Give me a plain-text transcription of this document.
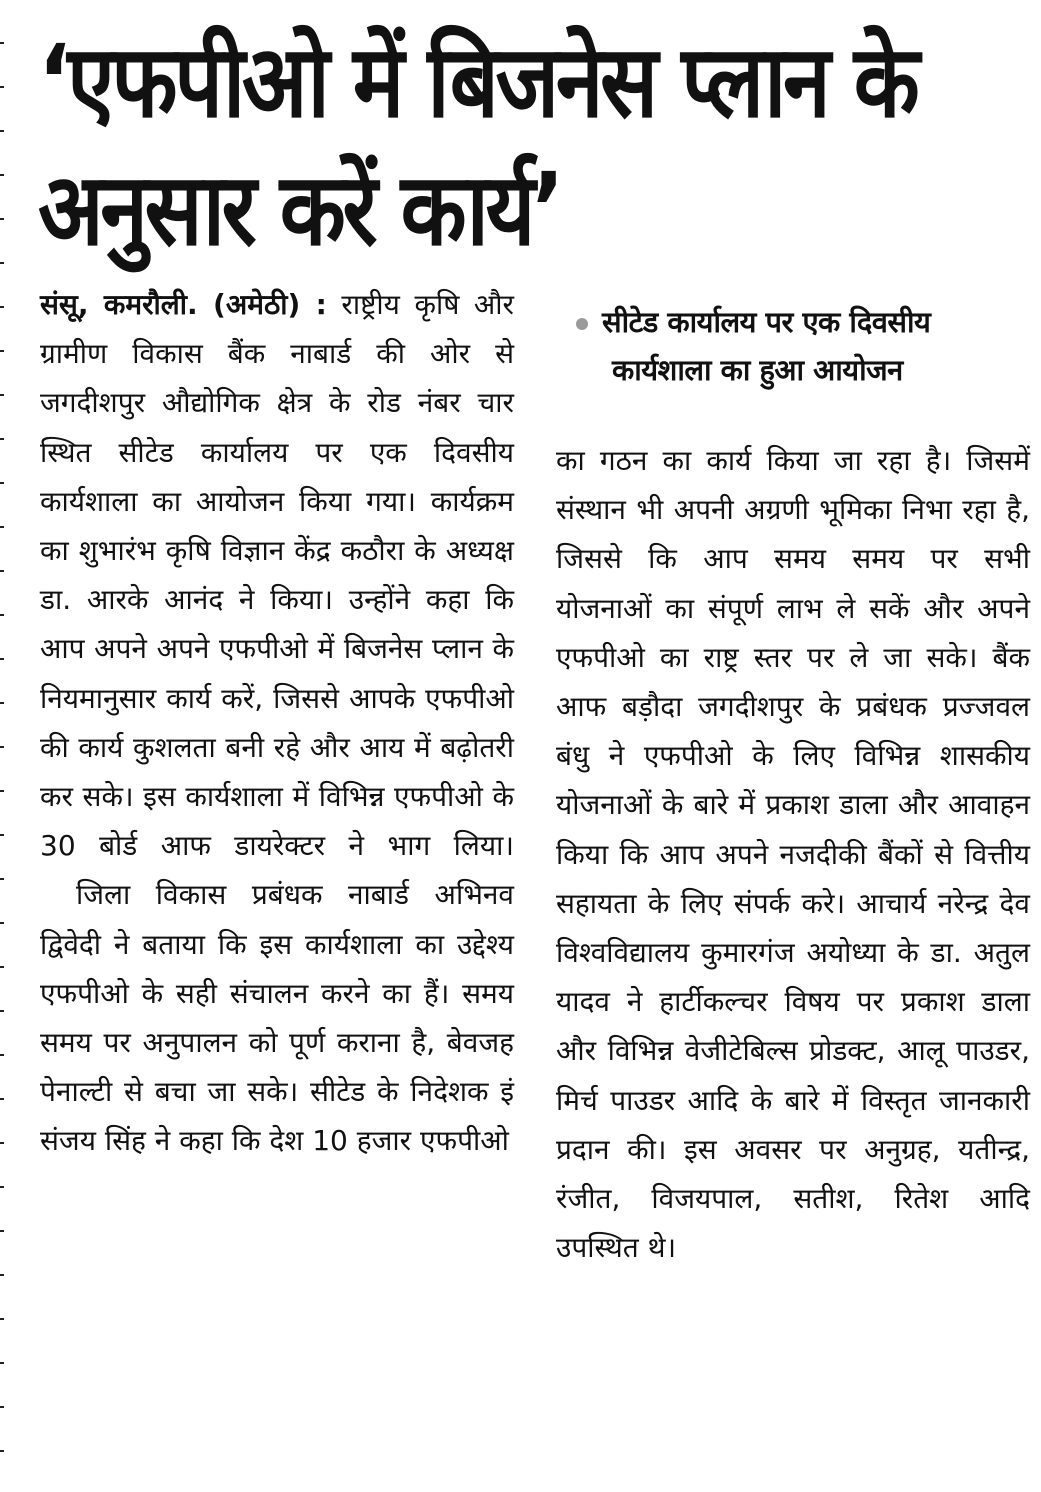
‘एफपीओ में बिजनेस प्लान के
अनुसार करें कार्य’

संसू, कमरौली. (अमेठी) : राष्ट्रीय कृषि और ग्रामीण विकास बैंक नाबार्ड की ओर से जगदीशपुर औद्योगिक क्षेत्र के रोड नंबर चार स्थित सीटेड कार्यालय पर एक दिवसीय कार्यशाला का आयोजन किया गया। कार्यक्रम का शुभारंभ कृषि विज्ञान केंद्र कठौरा के अध्यक्ष डा. आरके आनंद ने किया। उन्होंने कहा कि आप अपने अपने एफपीओ में बिजनेस प्लान के नियमानुसार कार्य करें, जिससे आपके एफपीओ की कार्य कुशलता बनी रहे और आय में बढ़ोतरी कर सके। इस कार्यशाला में विभिन्न एफपीओ के 30 बोर्ड आफ डायरेक्टर ने भाग लिया।

जिला विकास प्रबंधक नाबार्ड अभिनव द्विवेदी ने बताया कि इस कार्यशाला का उद्देश्य एफपीओ के सही संचालन करने का हैं। समय समय पर अनुपालन को पूर्ण कराना है, बेवजह पेनाल्टी से बचा जा सके। सीटेड के निदेशक इं संजय सिंह ने कहा कि देश 10 हजार एफपीओ

सीटेड कार्यालय पर एक दिवसीय
कार्यशाला का हुआ आयोजन

का गठन का कार्य किया जा रहा है। जिसमें संस्थान भी अपनी अग्रणी भूमिका निभा रहा है, जिससे कि आप समय समय पर सभी योजनाओं का संपूर्ण लाभ ले सकें और अपने एफपीओ का राष्ट्र स्तर पर ले जा सके। बैंक आफ बड़ौदा जगदीशपुर के प्रबंधक प्रज्जवल बंधु ने एफपीओ के लिए विभिन्न शासकीय योजनाओं के बारे में प्रकाश डाला और आवाहन किया कि आप अपने नजदीकी बैंकों से वित्तीय सहायता के लिए संपर्क करे। आचार्य नरेन्द्र देव विश्वविद्यालय कुमारगंज अयोध्या के डा. अतुल यादव ने हार्टीकल्चर विषय पर प्रकाश डाला और विभिन्न वेजीटेबिल्स प्रोडक्ट, आलू पाउडर, मिर्च पाउडर आदि के बारे में विस्तृत जानकारी प्रदान की। इस अवसर पर अनुग्रह, यतीन्द्र, रंजीत, विजयपाल, सतीश, रितेश आदि उपस्थित थे।
